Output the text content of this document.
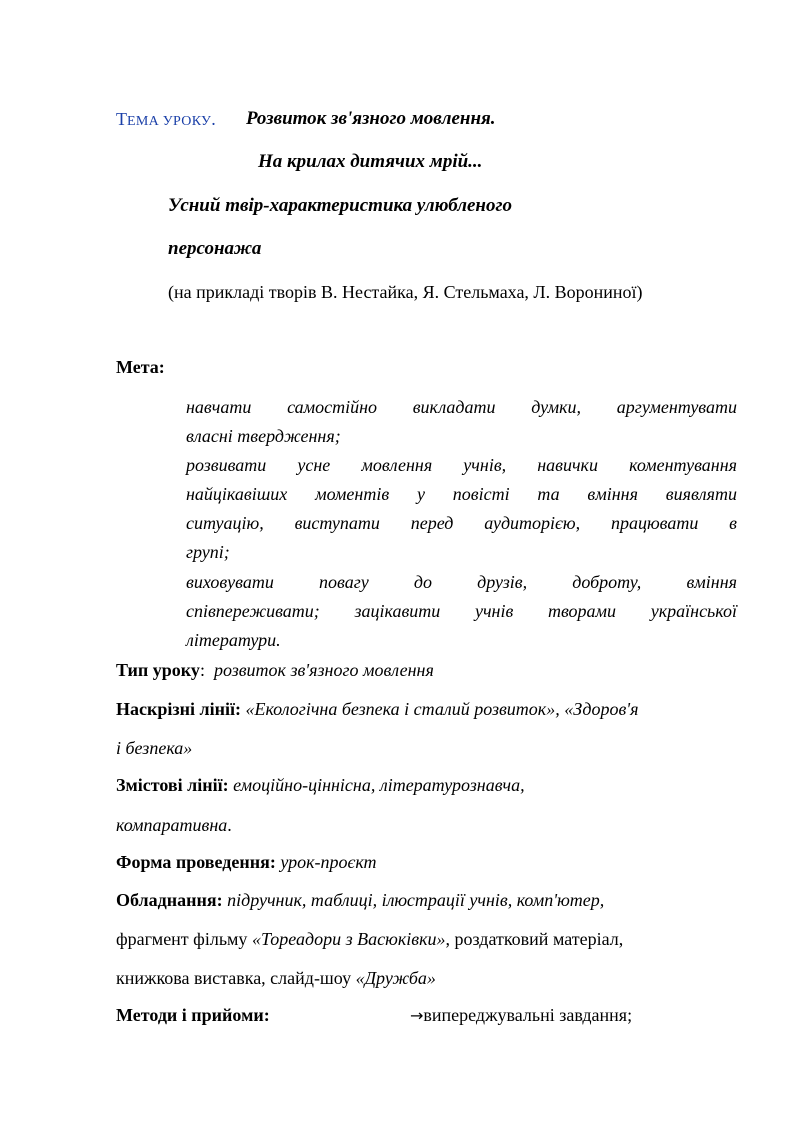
ТЕМА УРОКУ. Розвиток зв'язного мовлення.
На крилах дитячих мрій...
Усний твір-характеристика улюбленого
персонажа
(на прикладі творів В. Нестайка, Я. Стельмаха, Л. Ворониної)
Мета:
навчати самостійно викладати думки, аргументувати
власні твердження;
розвивати усне мовлення учнів, навички коментування
найцікавіших моментів у повісті та вміння виявляти
ситуацію, виступати перед аудиторією, працювати в
групі;
виховувати повагу до друзів, доброту, вміння
співпереживати; зацікавити учнів творами української
літератури.
Тип уроку: розвиток зв'язного мовлення
Наскрізні лінії: «Екологічна безпека і сталий розвиток», «Здоров'я
і безпека»
Змістові лінії: емоційно-ціннісна, літературознавча,
компаративна.
Форма проведення: урок-проєкт
Обладнання: підручник, таблиці, ілюстрації учнів, комп'ютер,
фрагмент фільму «Тореадори з Васюківки», роздатковий матеріал,
книжкова виставка, слайд-шоу «Дружба»
Методи і прийоми:	→випереджувальні завдання;
